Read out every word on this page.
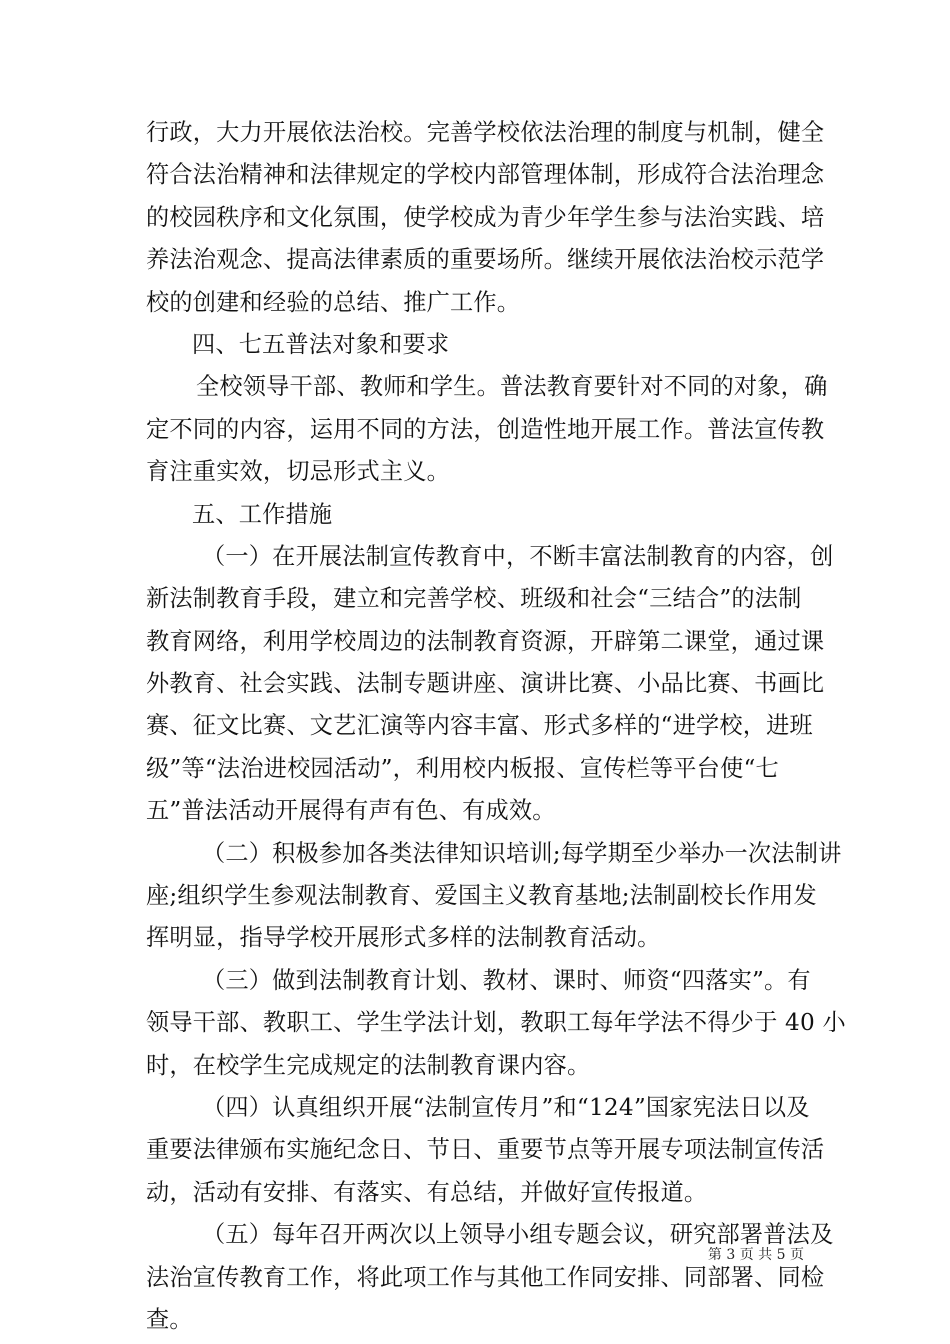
行政，大力开展依法治校。完善学校依法治理的制度与机制，健全
符合法治精神和法律规定的学校内部管理体制，形成符合法治理念
的校园秩序和文化氛围，使学校成为青少年学生参与法治实践、培
养法治观念、提高法律素质的重要场所。继续开展依法治校示范学
校的创建和经验的总结、推广工作。
四、七五普法对象和要求
全校领导干部、教师和学生。普法教育要针对不同的对象，确
定不同的内容，运用不同的方法，创造性地开展工作。普法宣传教
育注重实效，切忌形式主义。
五、工作措施
（一）在开展法制宣传教育中，不断丰富法制教育的内容，创
新法制教育手段，建立和完善学校、班级和社会“三结合”的法制
教育网络，利用学校周边的法制教育资源，开辟第二课堂，通过课
外教育、社会实践、法制专题讲座、演讲比赛、小品比赛、书画比
赛、征文比赛、文艺汇演等内容丰富、形式多样的“进学校，进班
级”等“法治进校园活动”，利用校内板报、宣传栏等平台使“七
五”普法活动开展得有声有色、有成效。
（二）积极参加各类法律知识培训;每学期至少举办一次法制讲
座;组织学生参观法制教育、爱国主义教育基地;法制副校长作用发
挥明显，指导学校开展形式多样的法制教育活动。
（三）做到法制教育计划、教材、课时、师资“四落实”。有
领导干部、教职工、学生学法计划，教职工每年学法不得少于 40 小
时，在校学生完成规定的法制教育课内容。
（四）认真组织开展“法制宣传月”和“124”国家宪法日以及
重要法律颁布实施纪念日、节日、重要节点等开展专项法制宣传活
动，活动有安排、有落实、有总结，并做好宣传报道。
（五）每年召开两次以上领导小组专题会议，研究部署普法及
法治宣传教育工作，将此项工作与其他工作同安排、同部署、同检
查。
第 3 页 共 5 页
